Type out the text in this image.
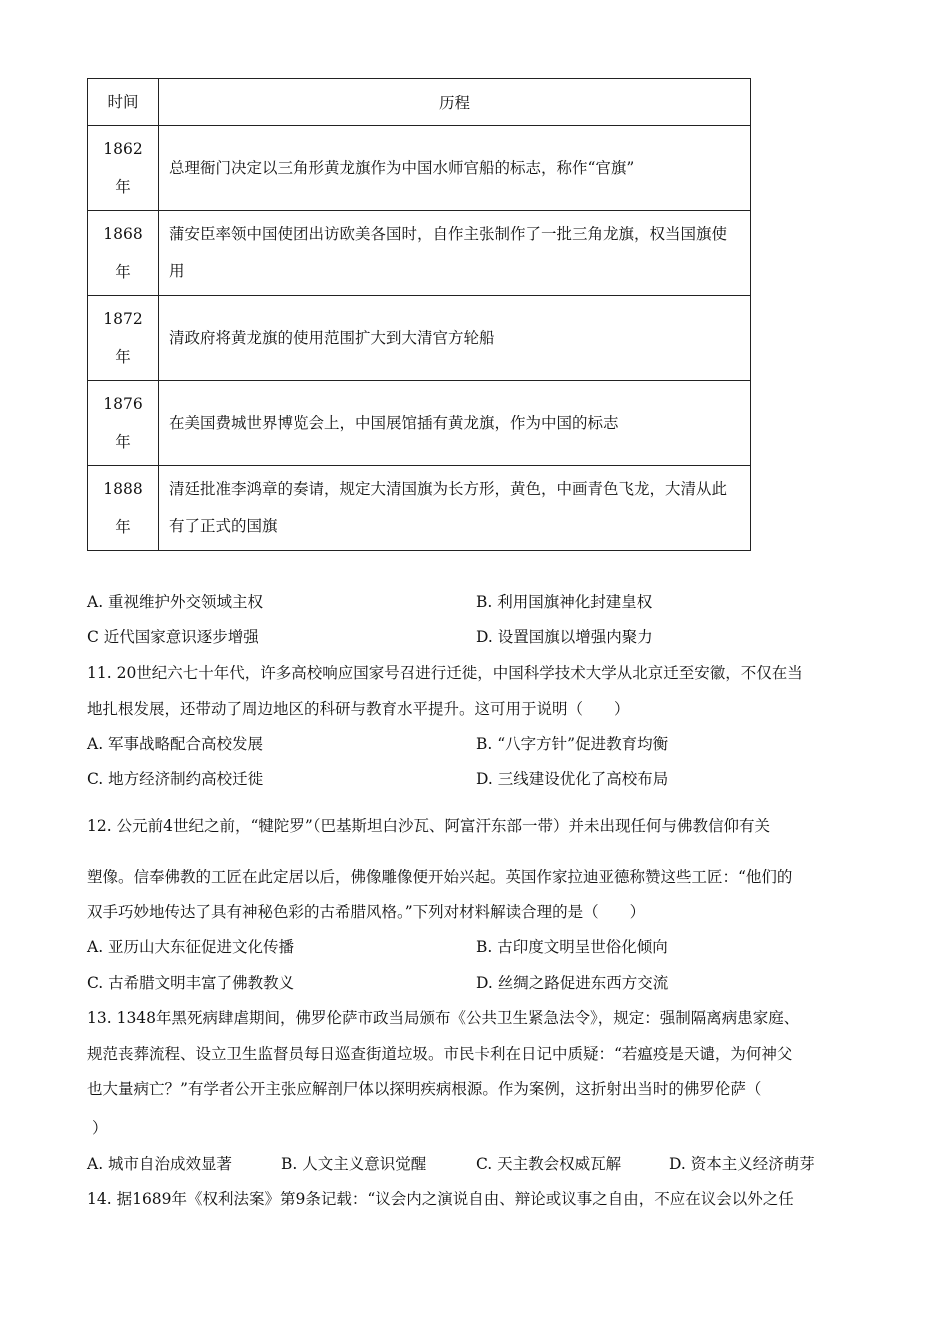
时间	历程

1862
年	总理衙门决定以三角形黄龙旗作为中国水师官船的标志，称作“官旗”

1868
年	蒲安臣率领中国使团出访欧美各国时，自作主张制作了一批三角龙旗，权当国旗使用

1872
年	清政府将黄龙旗的使用范围扩大到大清官方轮船

1876
年	在美国费城世界博览会上，中国展馆插有黄龙旗，作为中国的标志

1888
年	清廷批准李鸿章的奏请，规定大清国旗为长方形，黄色，中画青色飞龙，大清从此有了正式的国旗
A. 重视维护外交领域主权	B. 利用国旗神化封建皇权
C 近代国家意识逐步增强	D. 设置国旗以增强内聚力
11. 20世纪六七十年代，许多高校响应国家号召进行迁徙，中国科学技术大学从北京迁至安徽，不仅在当
地扎根发展，还带动了周边地区的科研与教育水平提升。这可用于说明（　　）
A. 军事战略配合高校发展	B. “八字方针”促进教育均衡
C. 地方经济制约高校迁徙	D. 三线建设优化了高校布局
12. 公元前4世纪之前，“犍陀罗”（巴基斯坦白沙瓦、阿富汗东部一带）并未出现任何与佛教信仰有关
塑像。信奉佛教的工匠在此定居以后，佛像雕像便开始兴起。英国作家拉迪亚德称赞这些工匠：“他们的
双手巧妙地传达了具有神秘色彩的古希腊风格。”下列对材料解读合理的是（　　）
A. 亚历山大东征促进文化传播	B. 古印度文明呈世俗化倾向
C. 古希腊文明丰富了佛教教义	D. 丝绸之路促进东西方交流
13. 1348年黑死病肆虐期间，佛罗伦萨市政当局颁布《公共卫生紧急法令》，规定：强制隔离病患家庭、
规范丧葬流程、设立卫生监督员每日巡查街道垃圾。市民卡利在日记中质疑：“若瘟疫是天谴，为何神父
也大量病亡？”有学者公开主张应解剖尸体以探明疾病根源。作为案例，这折射出当时的佛罗伦萨（
）
A. 城市自治成效显著	B. 人文主义意识觉醒	C. 天主教会权威瓦解	D. 资本主义经济萌芽
14. 据1689年《权利法案》第9条记载：“议会内之演说自由、辩论或议事之自由，不应在议会以外之任
